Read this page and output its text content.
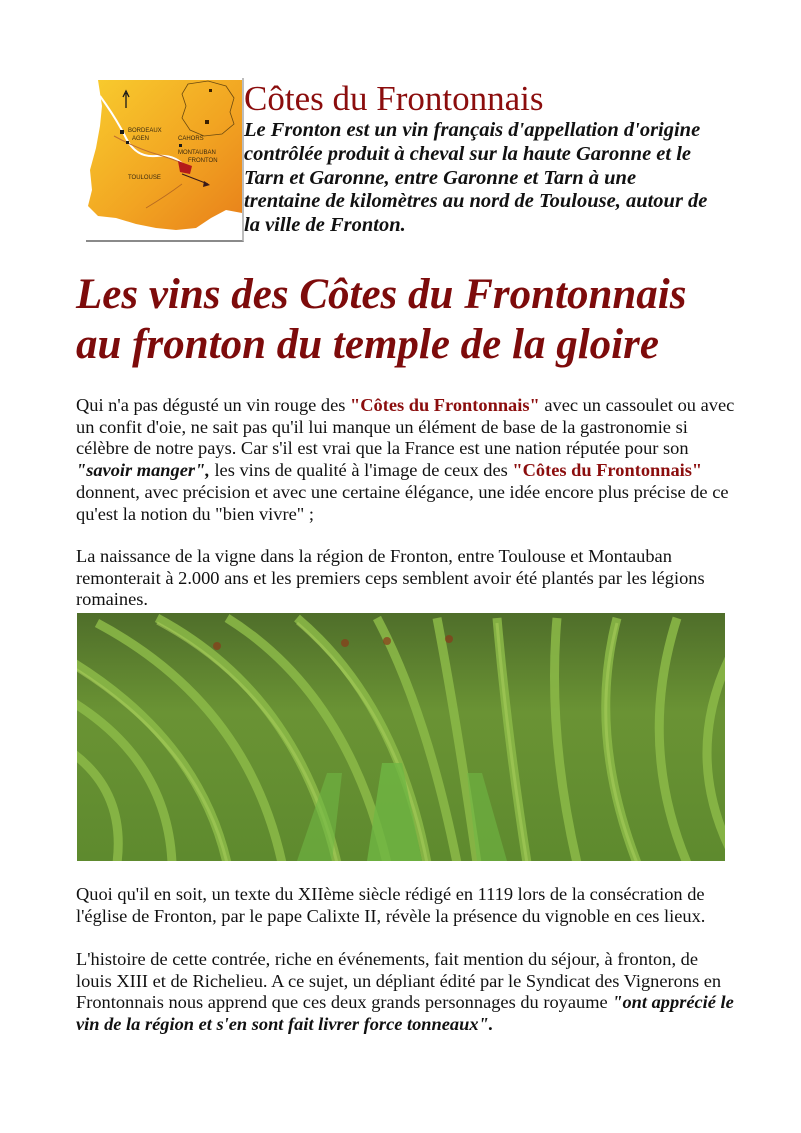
BORDEAUX
AGEN	CAHORS
MONTAUBAN
FRONTON
TOULOUSE
Côtes du Frontonnais

Le Fronton est un vin français d'appellation d'origine contrôlée produit à cheval sur la haute Garonne et le Tarn et Garonne, entre Garonne et Tarn à une trentaine de kilomètres au nord de Toulouse, autour de la ville de Fronton.

Les vins des Côtes du Frontonnais
au fronton du temple de la gloire

Qui n'a pas dégusté un vin rouge des "Côtes du Frontonnais" avec un cassoulet ou avec un confit d'oie, ne sait pas qu'il lui manque un élément de base de la gastronomie si célèbre de notre pays. Car s'il est vrai que la France est une nation réputée pour son "savoir manger", les vins de qualité à l'image de ceux des "Côtes du Frontonnais" donnent, avec précision et avec une certaine élégance, une idée encore plus précise de ce qu'est la notion du "bien vivre" ;

La naissance de la vigne dans la région de Fronton, entre Toulouse et Montauban remonterait à 2.000 ans et les premiers ceps semblent avoir été plantés par les légions romaines.

Quoi qu'il en soit, un texte du XIIème siècle rédigé en 1119 lors de la consécration de l'église de Fronton, par le pape Calixte II, révèle la présence du vignoble en ces lieux.

L'histoire de cette contrée, riche en événements, fait mention du séjour, à fronton, de louis XIII et de Richelieu. A ce sujet, un dépliant édité par le Syndicat des Vignerons en Frontonnais nous apprend que ces deux grands personnages du royaume "ont apprécié le vin de la région et s'en sont fait livrer force tonneaux".
